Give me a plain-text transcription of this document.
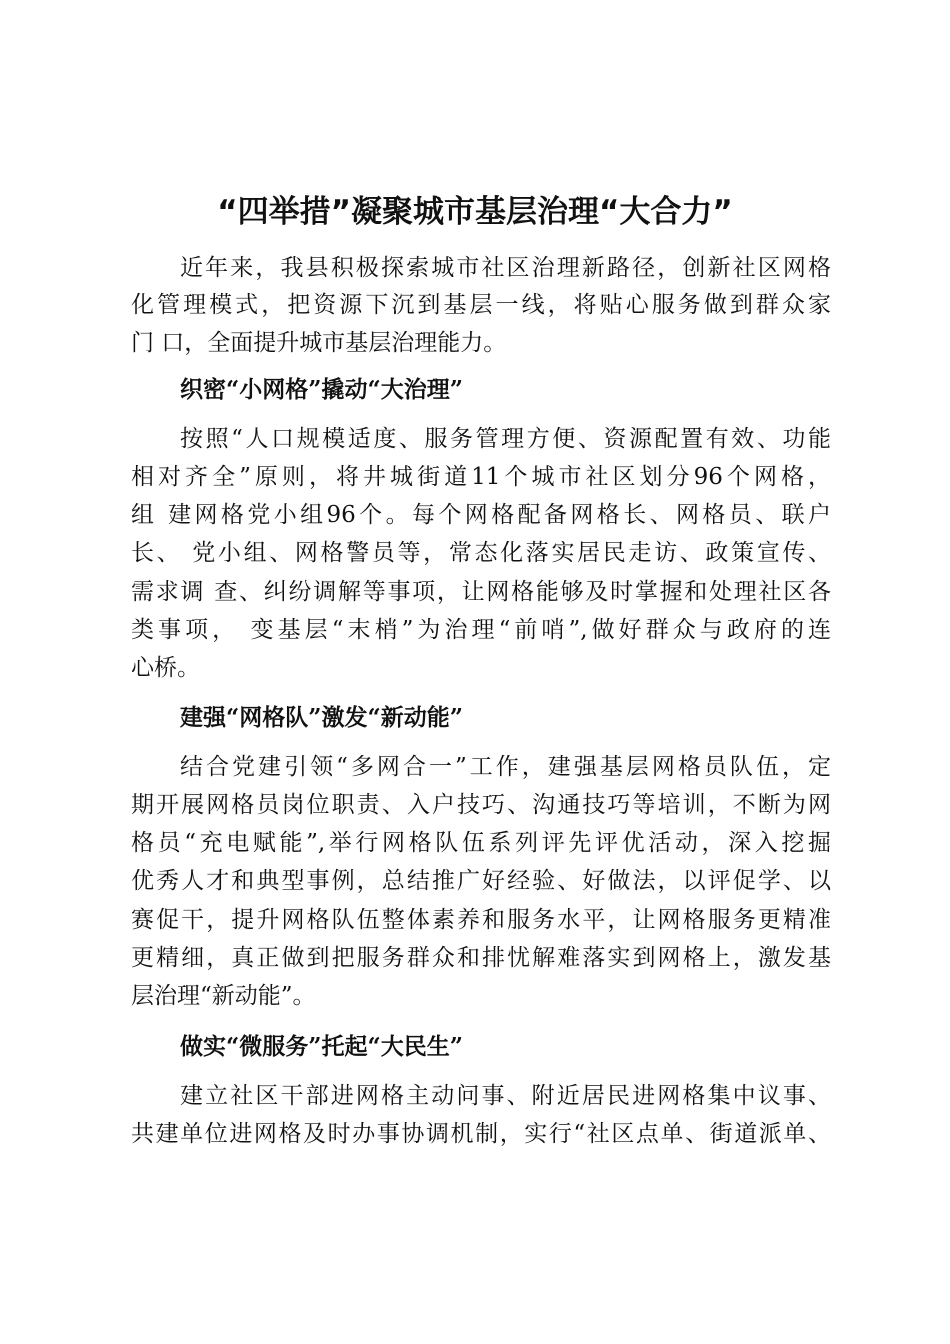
“四举措”凝聚城市基层治理“大合力”
近年来，我县积极探索城市社区治理新路径，创新社区网格
化管理模式，把资源下沉到基层一线，将贴心服务做到群众家
门 口，全面提升城市基层治理能力。
织密“小网格”撬动“大治理”
按照“人口规模适度、服务管理方便、资源配置有效、功能
相对齐全”原则，将井城街道11个城市社区划分96个网格，
组 建网格党小组96个。每个网格配备网格长、网格员、联户
长、 党小组、网格警员等，常态化落实居民走访、政策宣传、
需求调 查、纠纷调解等事项，让网格能够及时掌握和处理社区各
类事项， 变基层“末梢”为治理“前哨”,做好群众与政府的连
心桥。
建强“网格队”激发“新动能”
结合党建引领“多网合一”工作，建强基层网格员队伍，定
期开展网格员岗位职责、入户技巧、沟通技巧等培训，不断为网
格员“充电赋能”,举行网格队伍系列评先评优活动，深入挖掘
优秀人才和典型事例，总结推广好经验、好做法，以评促学、以
赛促干，提升网格队伍整体素养和服务水平，让网格服务更精准
更精细，真正做到把服务群众和排忧解难落实到网格上，激发基
层治理“新动能”。
做实“微服务”托起“大民生”
建立社区干部进网格主动问事、附近居民进网格集中议事、
共建单位进网格及时办事协调机制，实行“社区点单、街道派单、
